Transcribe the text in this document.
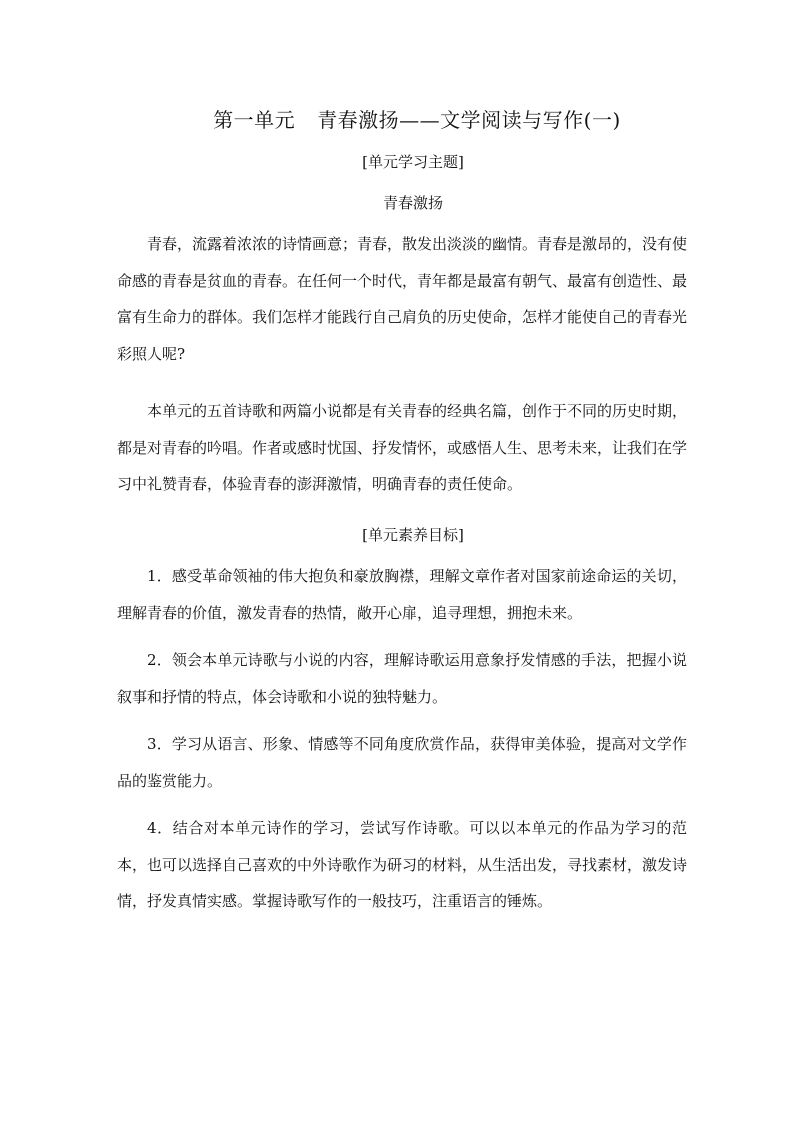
第一单元 青春激扬——文学阅读与写作(一)
[单元学习主题]
青春激扬

青春，流露着浓浓的诗情画意；青春，散发出淡淡的幽情。青春是激昂的，没有使命感的青春是贫血的青春。在任何一个时代，青年都是最富有朝气、最富有创造性、最富有生命力的群体。我们怎样才能践行自己肩负的历史使命，怎样才能使自己的青春光彩照人呢?

本单元的五首诗歌和两篇小说都是有关青春的经典名篇，创作于不同的历史时期，都是对青春的吟唱。作者或感时忧国、抒发情怀，或感悟人生、思考未来，让我们在学习中礼赞青春，体验青春的澎湃激情，明确青春的责任使命。

[单元素养目标]

1．感受革命领袖的伟大抱负和豪放胸襟，理解文章作者对国家前途命运的关切，理解青春的价值，激发青春的热情，敞开心扉，追寻理想，拥抱未来。

2．领会本单元诗歌与小说的内容，理解诗歌运用意象抒发情感的手法，把握小说叙事和抒情的特点，体会诗歌和小说的独特魅力。

3．学习从语言、形象、情感等不同角度欣赏作品，获得审美体验，提高对文学作品的鉴赏能力。

4．结合对本单元诗作的学习，尝试写作诗歌。可以以本单元的作品为学习的范本，也可以选择自己喜欢的中外诗歌作为研习的材料，从生活出发，寻找素材，激发诗情，抒发真情实感。掌握诗歌写作的一般技巧，注重语言的锤炼。
